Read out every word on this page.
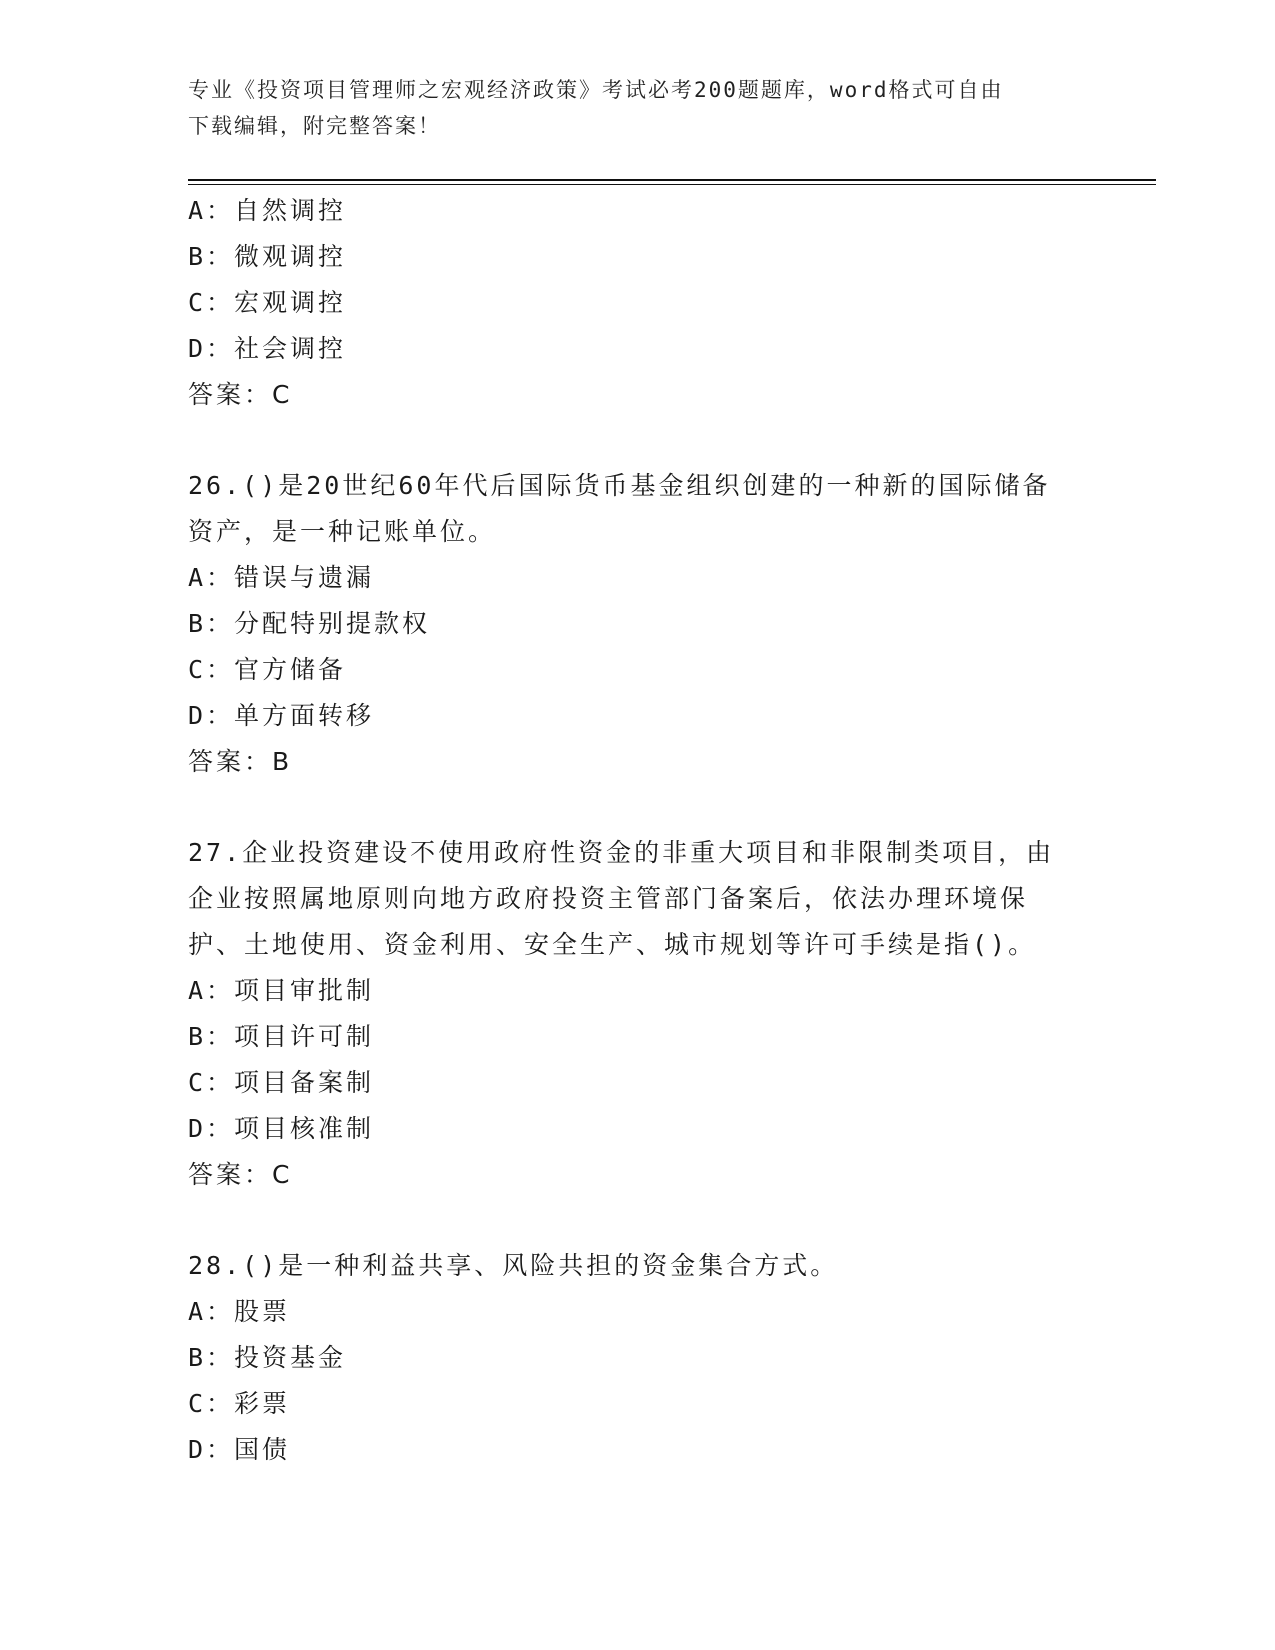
专业《投资项目管理师之宏观经济政策》考试必考200题题库，word格式可自由
下载编辑，附完整答案！
A：自然调控
B：微观调控
C：宏观调控
D：社会调控
答案：C
26.()是20世纪60年代后国际货币基金组织创建的一种新的国际储备
资产，是一种记账单位。
A：错误与遗漏
B：分配特别提款权
C：官方储备
D：单方面转移
答案：B
27.企业投资建设不使用政府性资金的非重大项目和非限制类项目，由
企业按照属地原则向地方政府投资主管部门备案后，依法办理环境保
护、土地使用、资金利用、安全生产、城市规划等许可手续是指()。
A：项目审批制
B：项目许可制
C：项目备案制
D：项目核准制
答案：C
28.()是一种利益共享、风险共担的资金集合方式。
A：股票
B：投资基金
C：彩票
D：国债
